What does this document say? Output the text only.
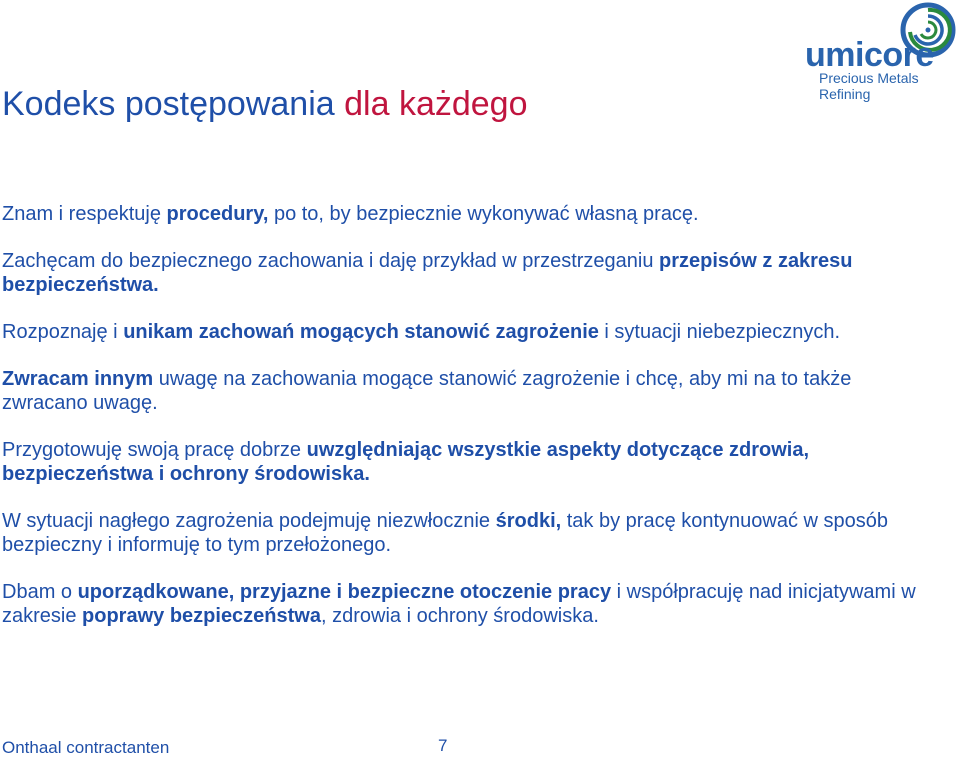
Kodeks postępowania dla każdego
umicore
Precious Metals
Refining

Znam i respektuję procedury, po to, by bezpiecznie wykonywać własną pracę.

Zachęcam do bezpiecznego zachowania i daję przykład w przestrzeganiu przepisów z zakresu bezpieczeństwa.

Rozpoznaję i unikam zachowań mogących stanowić zagrożenie i sytuacji niebezpiecznych.

Zwracam innym uwagę na zachowania mogące stanowić zagrożenie i chcę, aby mi na to także zwracano uwagę.

Przygotowuję swoją pracę dobrze uwzględniając wszystkie aspekty dotyczące zdrowia, bezpieczeństwa i ochrony środowiska.

W sytuacji nagłego zagrożenia podejmuję niezwłocznie środki, tak by pracę kontynuować w sposób bezpieczny i informuję to tym przełożonego.

Dbam o uporządkowane, przyjazne i bezpieczne otoczenie pracy i współpracuję nad inicjatywami w zakresie poprawy bezpieczeństwa, zdrowia i ochrony środowiska.

Onthaal contractanten	7
